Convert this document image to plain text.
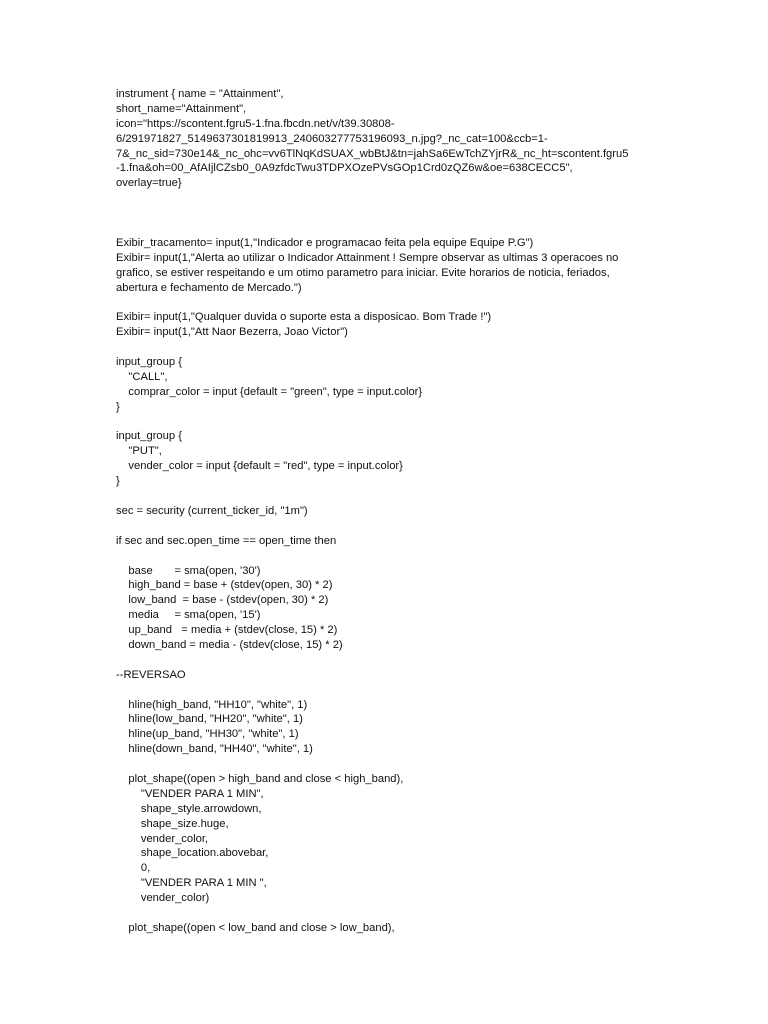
instrument { name = "Attainment",
short_name="Attainment",
icon="https://scontent.fgru5-1.fna.fbcdn.net/v/t39.30808-
6/291971827_5149637301819913_240603277753196093_n.jpg?_nc_cat=100&ccb=1-
7&_nc_sid=730e14&_nc_ohc=vv6TlNqKdSUAX_wbBtJ&tn=jahSa6EwTchZYjrR&_nc_ht=scontent.fgru5
-1.fna&oh=00_AfAIjlCZsb0_0A9zfdcTwu3TDPXOzePVsGOp1Crd0zQZ6w&oe=638CECC5",
overlay=true}
Exibir_tracamento= input(1,"Indicador e programacao feita pela equipe Equipe P.G")
Exibir= input(1,"Alerta ao utilizar o Indicador Attainment ! Sempre observar as ultimas 3 operacoes no
grafico, se estiver respeitando e um otimo parametro para iniciar. Evite horarios de noticia, feriados,
abertura e fechamento de Mercado.")
Exibir= input(1,"Qualquer duvida o suporte esta a disposicao. Bom Trade !")
Exibir= input(1,"Att Naor Bezerra, Joao Victor")
input_group {
"CALL",
comprar_color = input {default = "green", type = input.color}
}
input_group {
"PUT",
vender_color = input {default = "red", type = input.color}
}
sec = security (current_ticker_id, "1m")
if sec and sec.open_time == open_time then
base       = sma(open, '30')
high_band = base + (stdev(open, 30) * 2)
low_band  = base - (stdev(open, 30) * 2)
media     = sma(open, '15')
up_band   = media + (stdev(close, 15) * 2)
down_band = media - (stdev(close, 15) * 2)
--REVERSAO
hline(high_band, "HH10", "white", 1)
hline(low_band, "HH20", "white", 1)
hline(up_band, "HH30", "white", 1)
hline(down_band, "HH40", "white", 1)
plot_shape((open > high_band and close < high_band),
"VENDER PARA 1 MIN",
shape_style.arrowdown,
shape_size.huge,
vender_color,
shape_location.abovebar,
0,
"VENDER PARA 1 MIN ",
vender_color)
plot_shape((open < low_band and close > low_band),
